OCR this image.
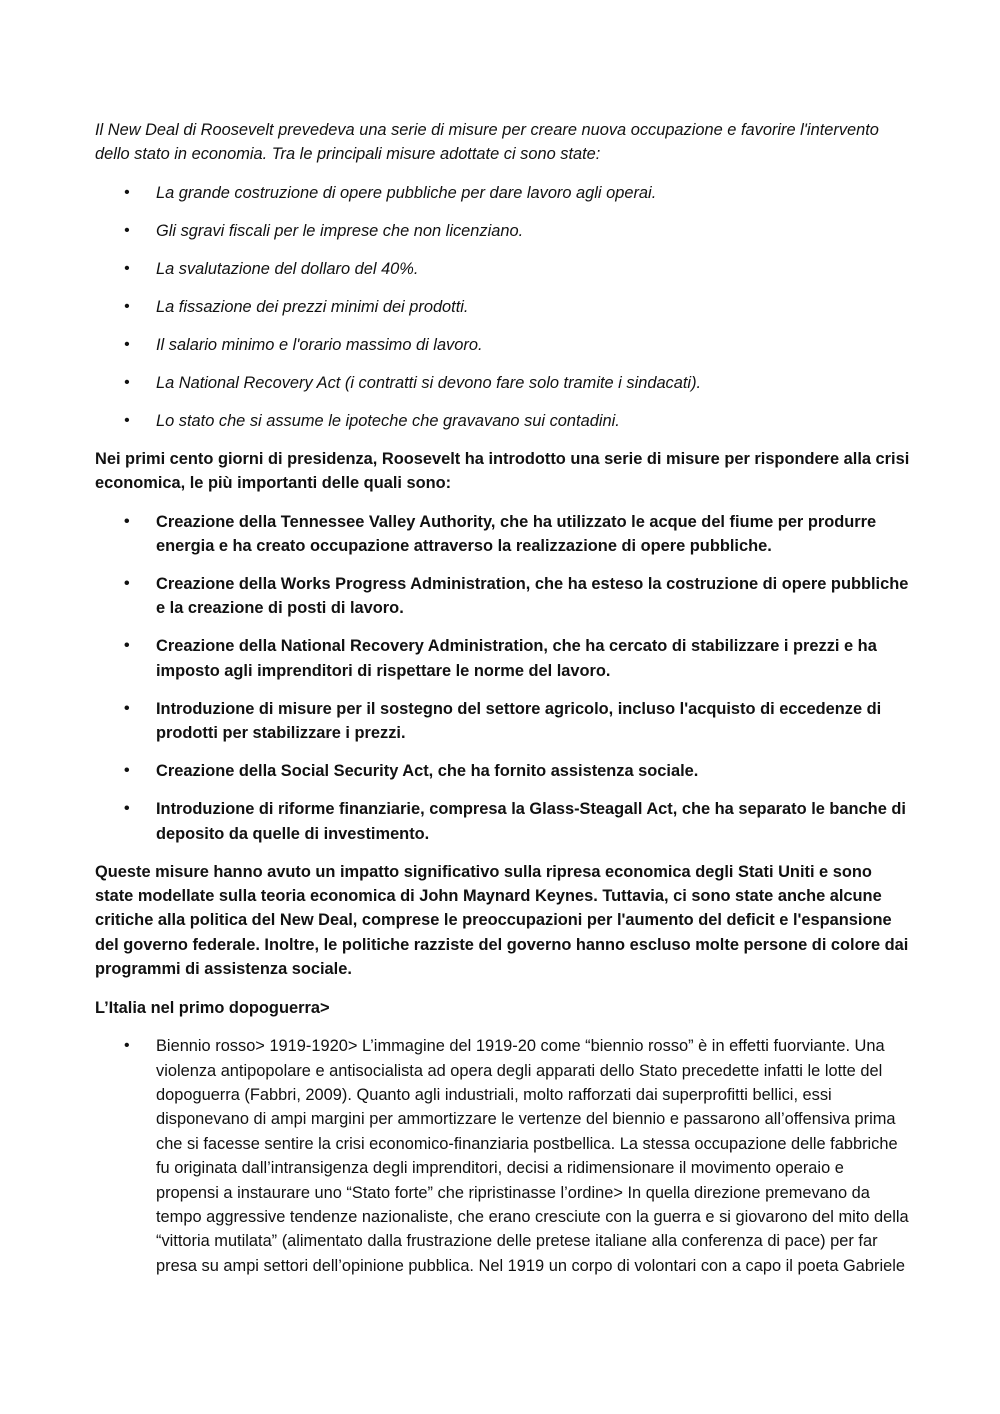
Il New Deal di Roosevelt prevedeva una serie di misure per creare nuova occupazione e favorire l'intervento dello stato in economia. Tra le principali misure adottate ci sono state:

• La grande costruzione di opere pubbliche per dare lavoro agli operai.
• Gli sgravi fiscali per le imprese che non licenziano.
• La svalutazione del dollaro del 40%.
• La fissazione dei prezzi minimi dei prodotti.
• Il salario minimo e l'orario massimo di lavoro.
• La National Recovery Act (i contratti si devono fare solo tramite i sindacati).
• Lo stato che si assume le ipoteche che gravavano sui contadini.

Nei primi cento giorni di presidenza, Roosevelt ha introdotto una serie di misure per rispondere alla crisi economica, le più importanti delle quali sono:

• Creazione della Tennessee Valley Authority, che ha utilizzato le acque del fiume per produrre energia e ha creato occupazione attraverso la realizzazione di opere pubbliche.
• Creazione della Works Progress Administration, che ha esteso la costruzione di opere pubbliche e la creazione di posti di lavoro.
• Creazione della National Recovery Administration, che ha cercato di stabilizzare i prezzi e ha imposto agli imprenditori di rispettare le norme del lavoro.
• Introduzione di misure per il sostegno del settore agricolo, incluso l'acquisto di eccedenze di prodotti per stabilizzare i prezzi.
• Creazione della Social Security Act, che ha fornito assistenza sociale.
• Introduzione di riforme finanziarie, compresa la Glass-Steagall Act, che ha separato le banche di deposito da quelle di investimento.

Queste misure hanno avuto un impatto significativo sulla ripresa economica degli Stati Uniti e sono state modellate sulla teoria economica di John Maynard Keynes. Tuttavia, ci sono state anche alcune critiche alla politica del New Deal, comprese le preoccupazioni per l'aumento del deficit e l'espansione del governo federale. Inoltre, le politiche razziste del governo hanno escluso molte persone di colore dai programmi di assistenza sociale.

L’Italia nel primo dopoguerra>

• Biennio rosso> 1919-1920> L’immagine del 1919-20 come “biennio rosso” è in effetti fuorviante. Una violenza antipopolare e antisocialista ad opera degli apparati dello Stato precedette infatti le lotte del dopoguerra (Fabbri, 2009). Quanto agli industriali, molto rafforzati dai superprofitti bellici, essi disponevano di ampi margini per ammortizzare le vertenze del biennio e passarono all’offensiva prima che si facesse sentire la crisi economico-finanziaria postbellica. La stessa occupazione delle fabbriche fu originata dall’intransigenza degli imprenditori, decisi a ridimensionare il movimento operaio e propensi a instaurare uno “Stato forte” che ripristinasse l’ordine> In quella direzione premevano da tempo aggressive tendenze nazionaliste, che erano cresciute con la guerra e si giovarono del mito della “vittoria mutilata” (alimentato dalla frustrazione delle pretese italiane alla conferenza di pace) per far presa su ampi settori dell’opinione pubblica. Nel 1919 un corpo di volontari con a capo il poeta Gabriele
